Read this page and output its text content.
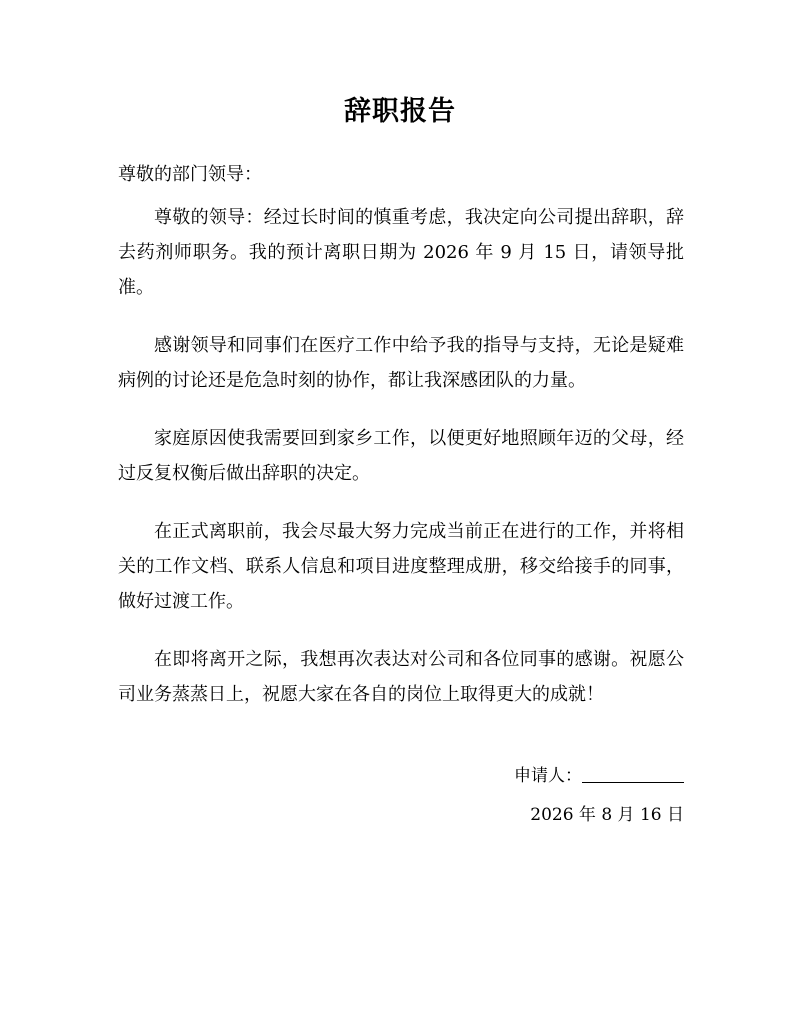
辞职报告
尊敬的部门领导：

尊敬的领导：经过长时间的慎重考虑，我决定向公司提出辞职，辞去药剂师职务。我的预计离职日期为 2026 年 9 月 15 日，请领导批准。

感谢领导和同事们在医疗工作中给予我的指导与支持，无论是疑难病例的讨论还是危急时刻的协作，都让我深感团队的力量。

家庭原因使我需要回到家乡工作，以便更好地照顾年迈的父母，经过反复权衡后做出辞职的决定。

在正式离职前，我会尽最大努力完成当前正在进行的工作，并将相关的工作文档、联系人信息和项目进度整理成册，移交给接手的同事，做好过渡工作。

在即将离开之际，我想再次表达对公司和各位同事的感谢。祝愿公司业务蒸蒸日上，祝愿大家在各自的岗位上取得更大的成就！

申请人：
2026 年 8 月 16 日
